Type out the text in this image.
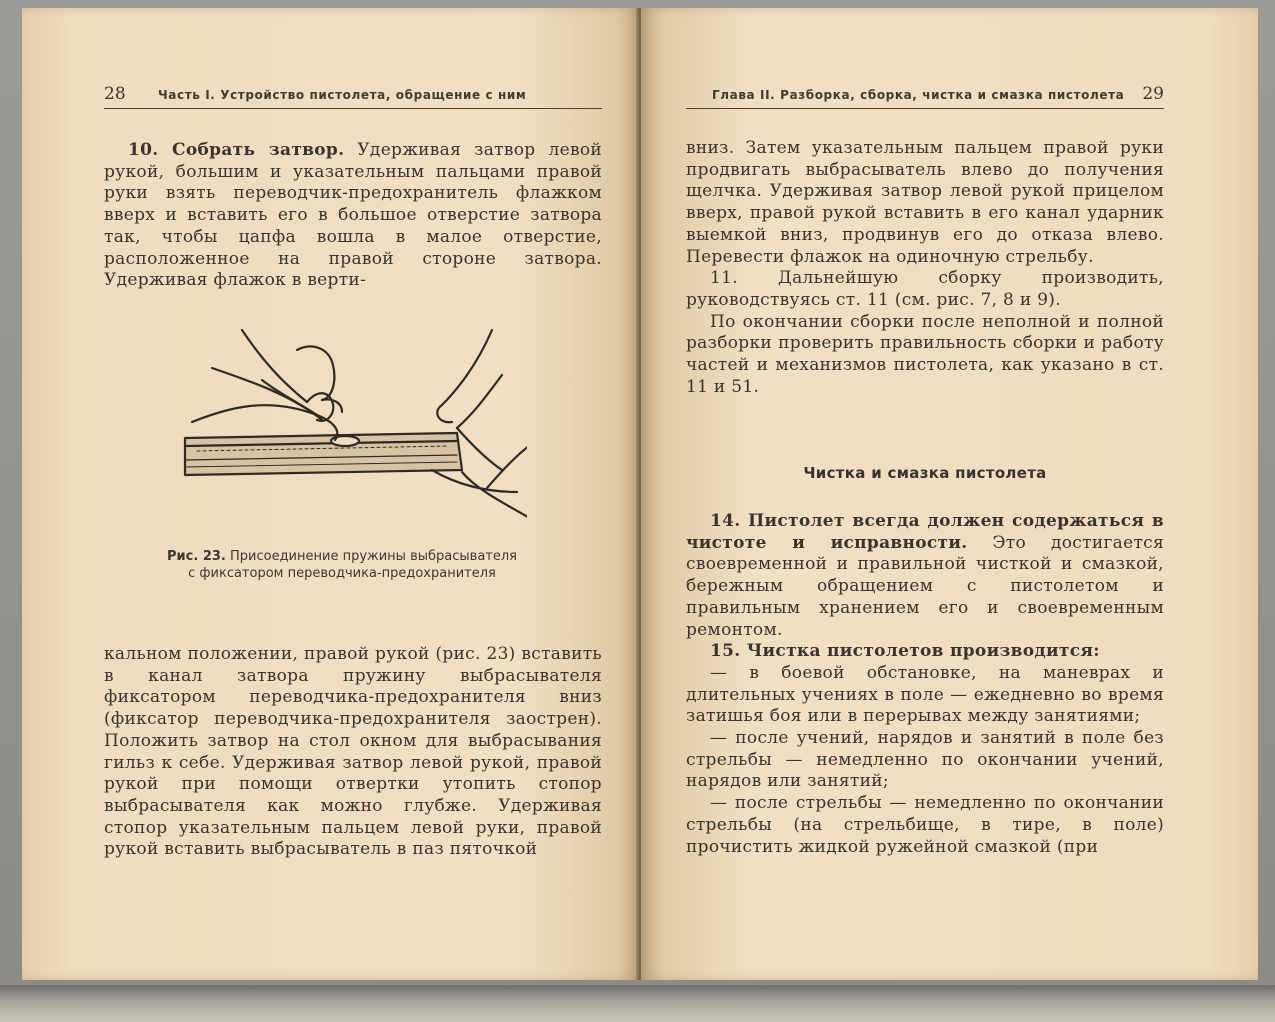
28	Часть I. Устройство пистолета, обращение с ним

10. Собрать затвор. Удерживая затвор левой рукой, большим и указательным пальцами правой руки взять переводчик-предохранитель флажком вверх и вставить его в большое отверстие затвора так, чтобы цапфа вошла в малое отверстие, расположенное на правой стороне затвора. Удерживая флажок в верти-

Рис. 23. Присоединение пружины выбрасывателя с фиксатором переводчика-предохранителя

кальном положении, правой рукой (рис. 23) вставить в канал затвора пружину выбрасывателя фиксатором переводчика-предохранителя вниз (фиксатор переводчика-предохранителя заострен). Положить затвор на стол окном для выбрасывания гильз к себе. Удерживая затвор левой рукой, правой рукой при помощи отвертки утопить стопор выбрасывателя как можно глубже. Удерживая стопор указательным пальцем левой руки, правой рукой вставить выбрасыватель в паз пяточкой

Глава II. Разборка, сборка, чистка и смазка пистолета 29

вниз. Затем указательным пальцем правой руки продвигать выбрасыватель влево до получения щелчка. Удерживая затвор левой рукой прицелом вверх, правой рукой вставить в его канал ударник выемкой вниз, продвинув его до отказа влево. Перевести флажок на одиночную стрельбу.

11. Дальнейшую сборку производить, руководствуясь ст. 11 (см. рис. 7, 8 и 9).

По окончании сборки после неполной и полной разборки проверить правильность сборки и работу частей и механизмов пистолета, как указано в ст. 11 и 51.

Чистка и смазка пистолета

14. Пистолет всегда должен содержаться в чистоте и исправности. Это достигается своевременной и правильной чисткой и смазкой, бережным обращением с пистолетом и правильным хранением его и своевременным ремонтом.

15. Чистка пистолетов производится:

— в боевой обстановке, на маневрах и длительных учениях в поле — ежедневно во время затишья боя или в перерывах между занятиями;

— после учений, нарядов и занятий в поле без стрельбы — немедленно по окончании учений, нарядов или занятий;

— после стрельбы — немедленно по окончании стрельбы (на стрельбище, в тире, в поле) прочистить жидкой ружейной смазкой (при
